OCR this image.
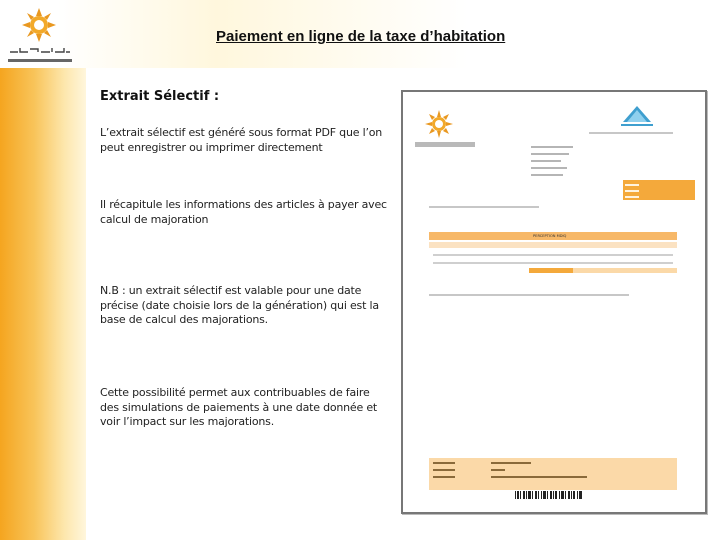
Paiement en ligne de la taxe d’habitation
Extrait Sélectif :
L’extrait sélectif est généré sous format PDF que l’on peut enregistrer ou imprimer directement
Il récapitule les informations des articles à payer avec calcul de majoration
N.B : un extrait sélectif est valable pour une date précise (date choisie lors de la génération) qui est la base de calcul des majorations.
Cette possibilité permet aux contribuables de faire des simulations de paiements à une date donnée et voir l’impact sur les majorations.
PERCEPTION MDIQ
